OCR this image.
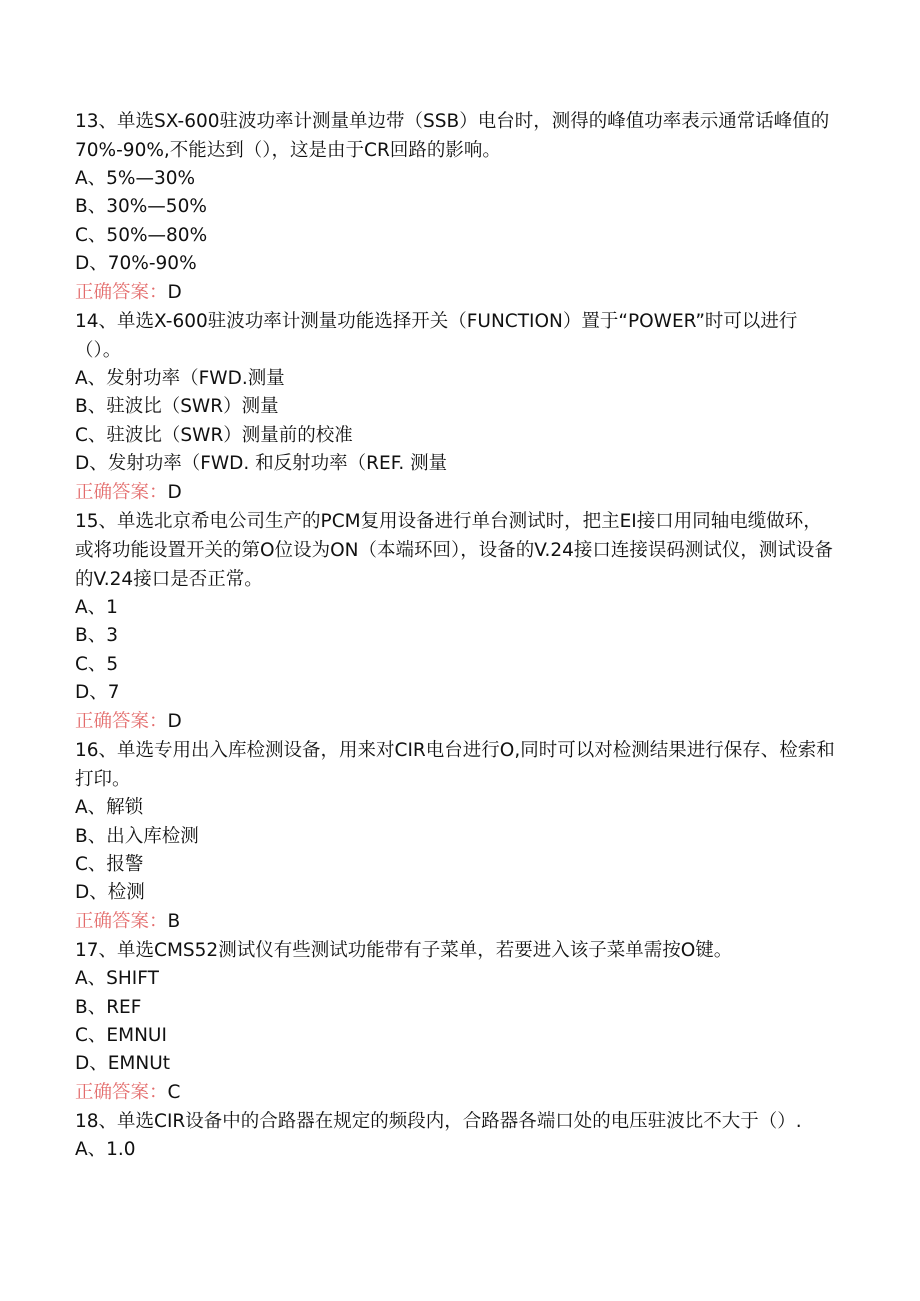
13、单选SX-600驻波功率计测量单边带（SSB）电台时，测得的峰值功率表示通常话峰值的70%-90%,不能达到（），这是由于CR回路的影响。

A、5%—30%

B、30%—50%

C、50%—80%

D、70%-90%

正确答案：D

14、单选X-600驻波功率计测量功能选择开关（FUNCTION）置于“POWER”时可以进行（）。

A、发射功率（FWD.测量

B、驻波比（SWR）测量

C、驻波比（SWR）测量前的校准

D、发射功率（FWD. 和反射功率（REF. 测量

正确答案：D

15、单选北京希电公司生产的PCM复用设备进行单台测试时，把主EI接口用同轴电缆做环，或将功能设置开关的第O位设为ON（本端环回），设备的V.24接口连接误码测试仪，测试设备的V.24接口是否正常。

A、1

B、3

C、5

D、7

正确答案：D

16、单选专用出入库检测设备，用来对CIR电台进行O,同时可以对检测结果进行保存、检索和打印。

A、解锁

B、出入库检测

C、报警

D、检测

正确答案：B

17、单选CMS52测试仪有些测试功能带有子菜单，若要进入该子菜单需按O键。

A、SHIFT

B、REF

C、EMNUI

D、EMNUt

正确答案：C

18、单选CIR设备中的合路器在规定的频段内，合路器各端口处的电压驻波比不大于（）.

A、1.0
